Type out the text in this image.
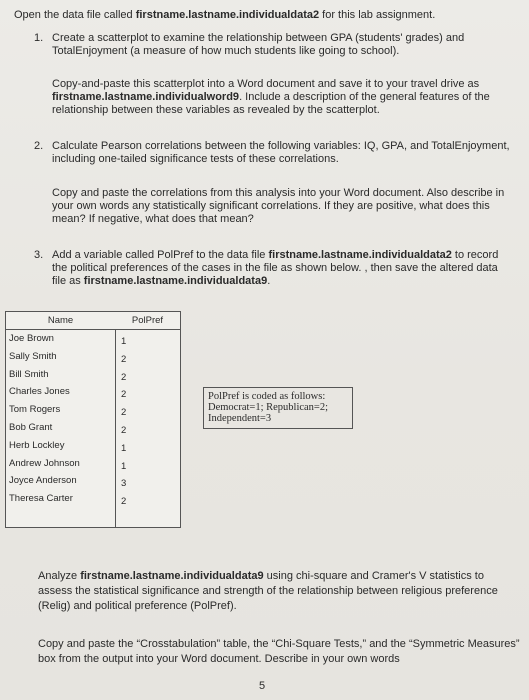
Open the data file called firstname.lastname.individualdata2 for this lab assignment.
1. Create a scatterplot to examine the relationship between GPA (students' grades) and TotalEnjoyment (a measure of how much students like going to school).
Copy-and-paste this scatterplot into a Word document and save it to your travel drive as firstname.lastname.individualword9. Include a description of the general features of the relationship between these variables as revealed by the scatterplot.
2. Calculate Pearson correlations between the following variables: IQ, GPA, and TotalEnjoyment, including one-tailed significance tests of these correlations.
Copy and paste the correlations from this analysis into your Word document. Also describe in your own words any statistically significant correlations. If they are positive, what does this mean? If negative, what does that mean?
3. Add a variable called PolPref to the data file firstname.lastname.individualdata2 to record the political preferences of the cases in the file as shown below. , then save the altered data file as firstname.lastname.individualdata9.
Name	PolPref
Joe Brown	1
Sally Smith	2
Bill Smith	2
Charles Jones	2
Tom Rogers	2
Bob Grant	2
Herb Lockley	1
Andrew Johnson	1
Joyce Anderson	3
Theresa Carter	2
PolPref is coded as follows:
Democrat=1; Republican=2;
Independent=3
Analyze firstname.lastname.individualdata9 using chi-square and Cramer's V statistics to assess the statistical significance and strength of the relationship between religious preference (Relig) and political preference (PolPref).
Copy and paste the “Crosstabulation” table, the “Chi-Square Tests,” and the “Symmetric Measures” box from the output into your Word document. Describe in your own words
5
